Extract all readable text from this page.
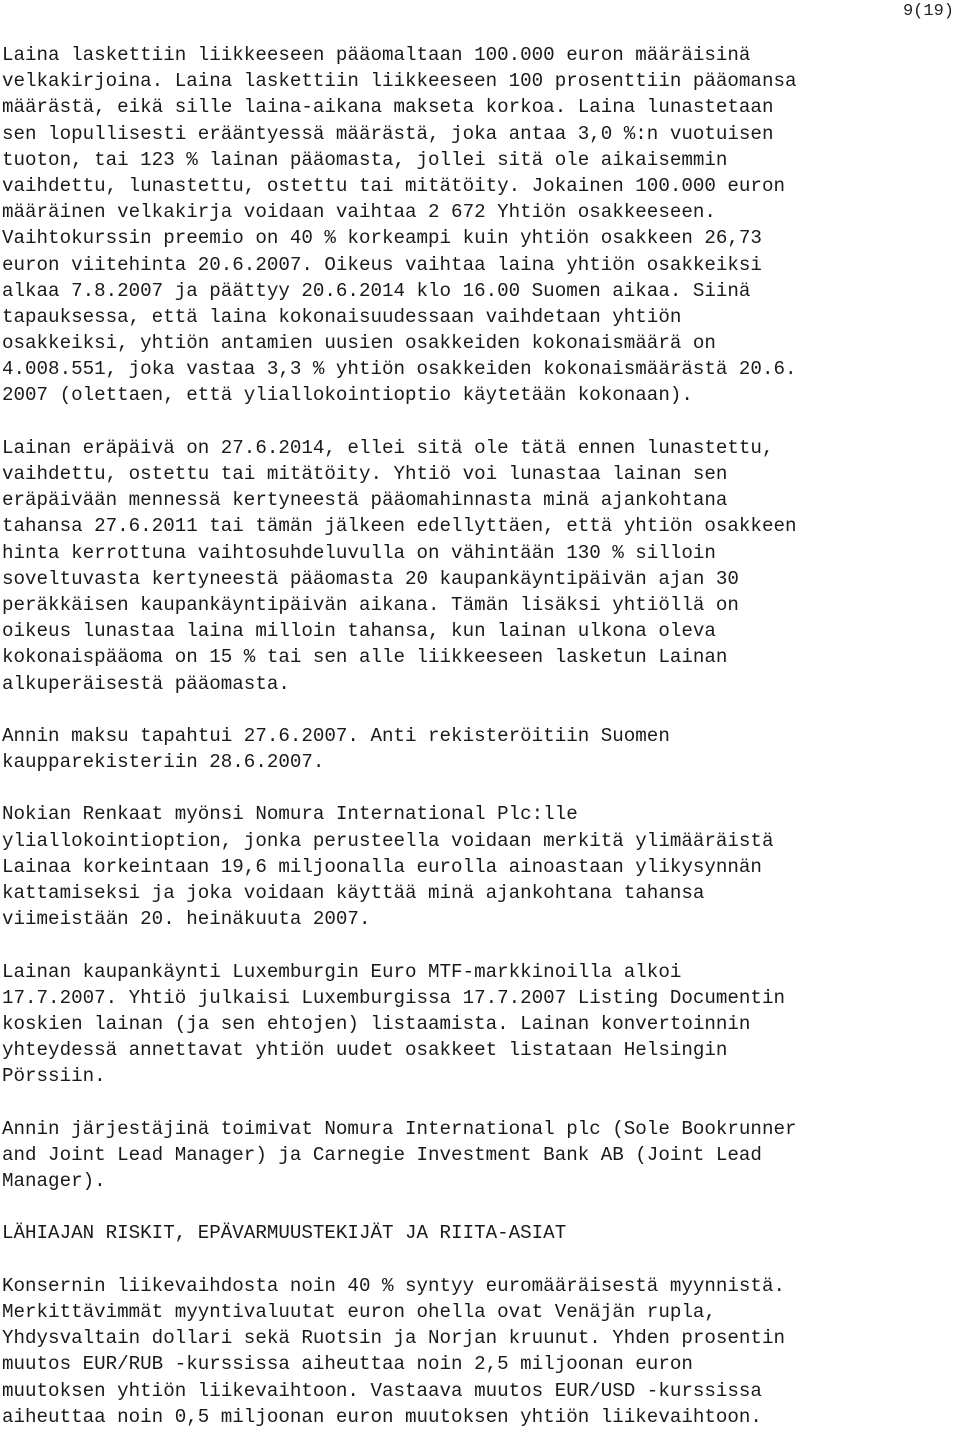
9(19)
Laina laskettiin liikkeeseen pääomaltaan 100.000 euron määräisinä
velkakirjoina. Laina laskettiin liikkeeseen 100 prosenttiin pääomansa
määrästä, eikä sille laina-aikana makseta korkoa. Laina lunastetaan
sen lopullisesti erääntyessä määrästä, joka antaa 3,0 %:n vuotuisen
tuoton, tai 123 % lainan pääomasta, jollei sitä ole aikaisemmin
vaihdettu, lunastettu, ostettu tai mitätöity. Jokainen 100.000 euron
määräinen velkakirja voidaan vaihtaa 2 672 Yhtiön osakkeeseen.
Vaihtokurssin preemio on 40 % korkeampi kuin yhtiön osakkeen 26,73
euron viitehinta 20.6.2007. Oikeus vaihtaa laina yhtiön osakkeiksi
alkaa 7.8.2007 ja päättyy 20.6.2014 klo 16.00 Suomen aikaa. Siinä
tapauksessa, että laina kokonaisuudessaan vaihdetaan yhtiön
osakkeiksi, yhtiön antamien uusien osakkeiden kokonaismäärä on
4.008.551, joka vastaa 3,3 % yhtiön osakkeiden kokonaismäärästä 20.6.
2007 (olettaen, että yliallokointioptio käytetään kokonaan).
Lainan eräpäivä on 27.6.2014, ellei sitä ole tätä ennen lunastettu,
vaihdettu, ostettu tai mitätöity. Yhtiö voi lunastaa lainan sen
eräpäivään mennessä kertyneestä pääomahinnasta minä ajankohtana
tahansa 27.6.2011 tai tämän jälkeen edellyttäen, että yhtiön osakkeen
hinta kerrottuna vaihtosuhdeluvulla on vähintään 130 % silloin
soveltuvasta kertyneestä pääomasta 20 kaupankäyntipäivän ajan 30
peräkkäisen kaupankäyntipäivän aikana. Tämän lisäksi yhtiöllä on
oikeus lunastaa laina milloin tahansa, kun lainan ulkona oleva
kokonaispääoma on 15 % tai sen alle liikkeeseen lasketun Lainan
alkuperäisestä pääomasta.
Annin maksu tapahtui 27.6.2007. Anti rekisteröitiin Suomen
kaupparekisteriin 28.6.2007.
Nokian Renkaat myönsi Nomura International Plc:lle
yliallokointioption, jonka perusteella voidaan merkitä ylimääräistä
Lainaa korkeintaan 19,6 miljoonalla eurolla ainoastaan ylikysynnän
kattamiseksi ja joka voidaan käyttää minä ajankohtana tahansa
viimeistään 20. heinäkuuta 2007.
Lainan kaupankäynti Luxemburgin Euro MTF-markkinoilla alkoi
17.7.2007. Yhtiö julkaisi Luxemburgissa 17.7.2007 Listing Documentin
koskien lainan (ja sen ehtojen) listaamista. Lainan konvertoinnin
yhteydessä annettavat yhtiön uudet osakkeet listataan Helsingin
Pörssiin.
Annin järjestäjinä toimivat Nomura International plc (Sole Bookrunner
and Joint Lead Manager) ja Carnegie Investment Bank AB (Joint Lead
Manager).
LÄHIAJAN RISKIT, EPÄVARMUUSTEKIJÄT JA RIITA-ASIAT
Konsernin liikevaihdosta noin 40 % syntyy euromääräisestä myynnistä.
Merkittävimmät myyntivaluutat euron ohella ovat Venäjän rupla,
Yhdysvaltain dollari sekä Ruotsin ja Norjan kruunut. Yhden prosentin
muutos EUR/RUB -kurssissa aiheuttaa noin 2,5 miljoonan euron
muutoksen yhtiön liikevaihtoon. Vastaava muutos EUR/USD -kurssissa
aiheuttaa noin 0,5 miljoonan euron muutoksen yhtiön liikevaihtoon.
